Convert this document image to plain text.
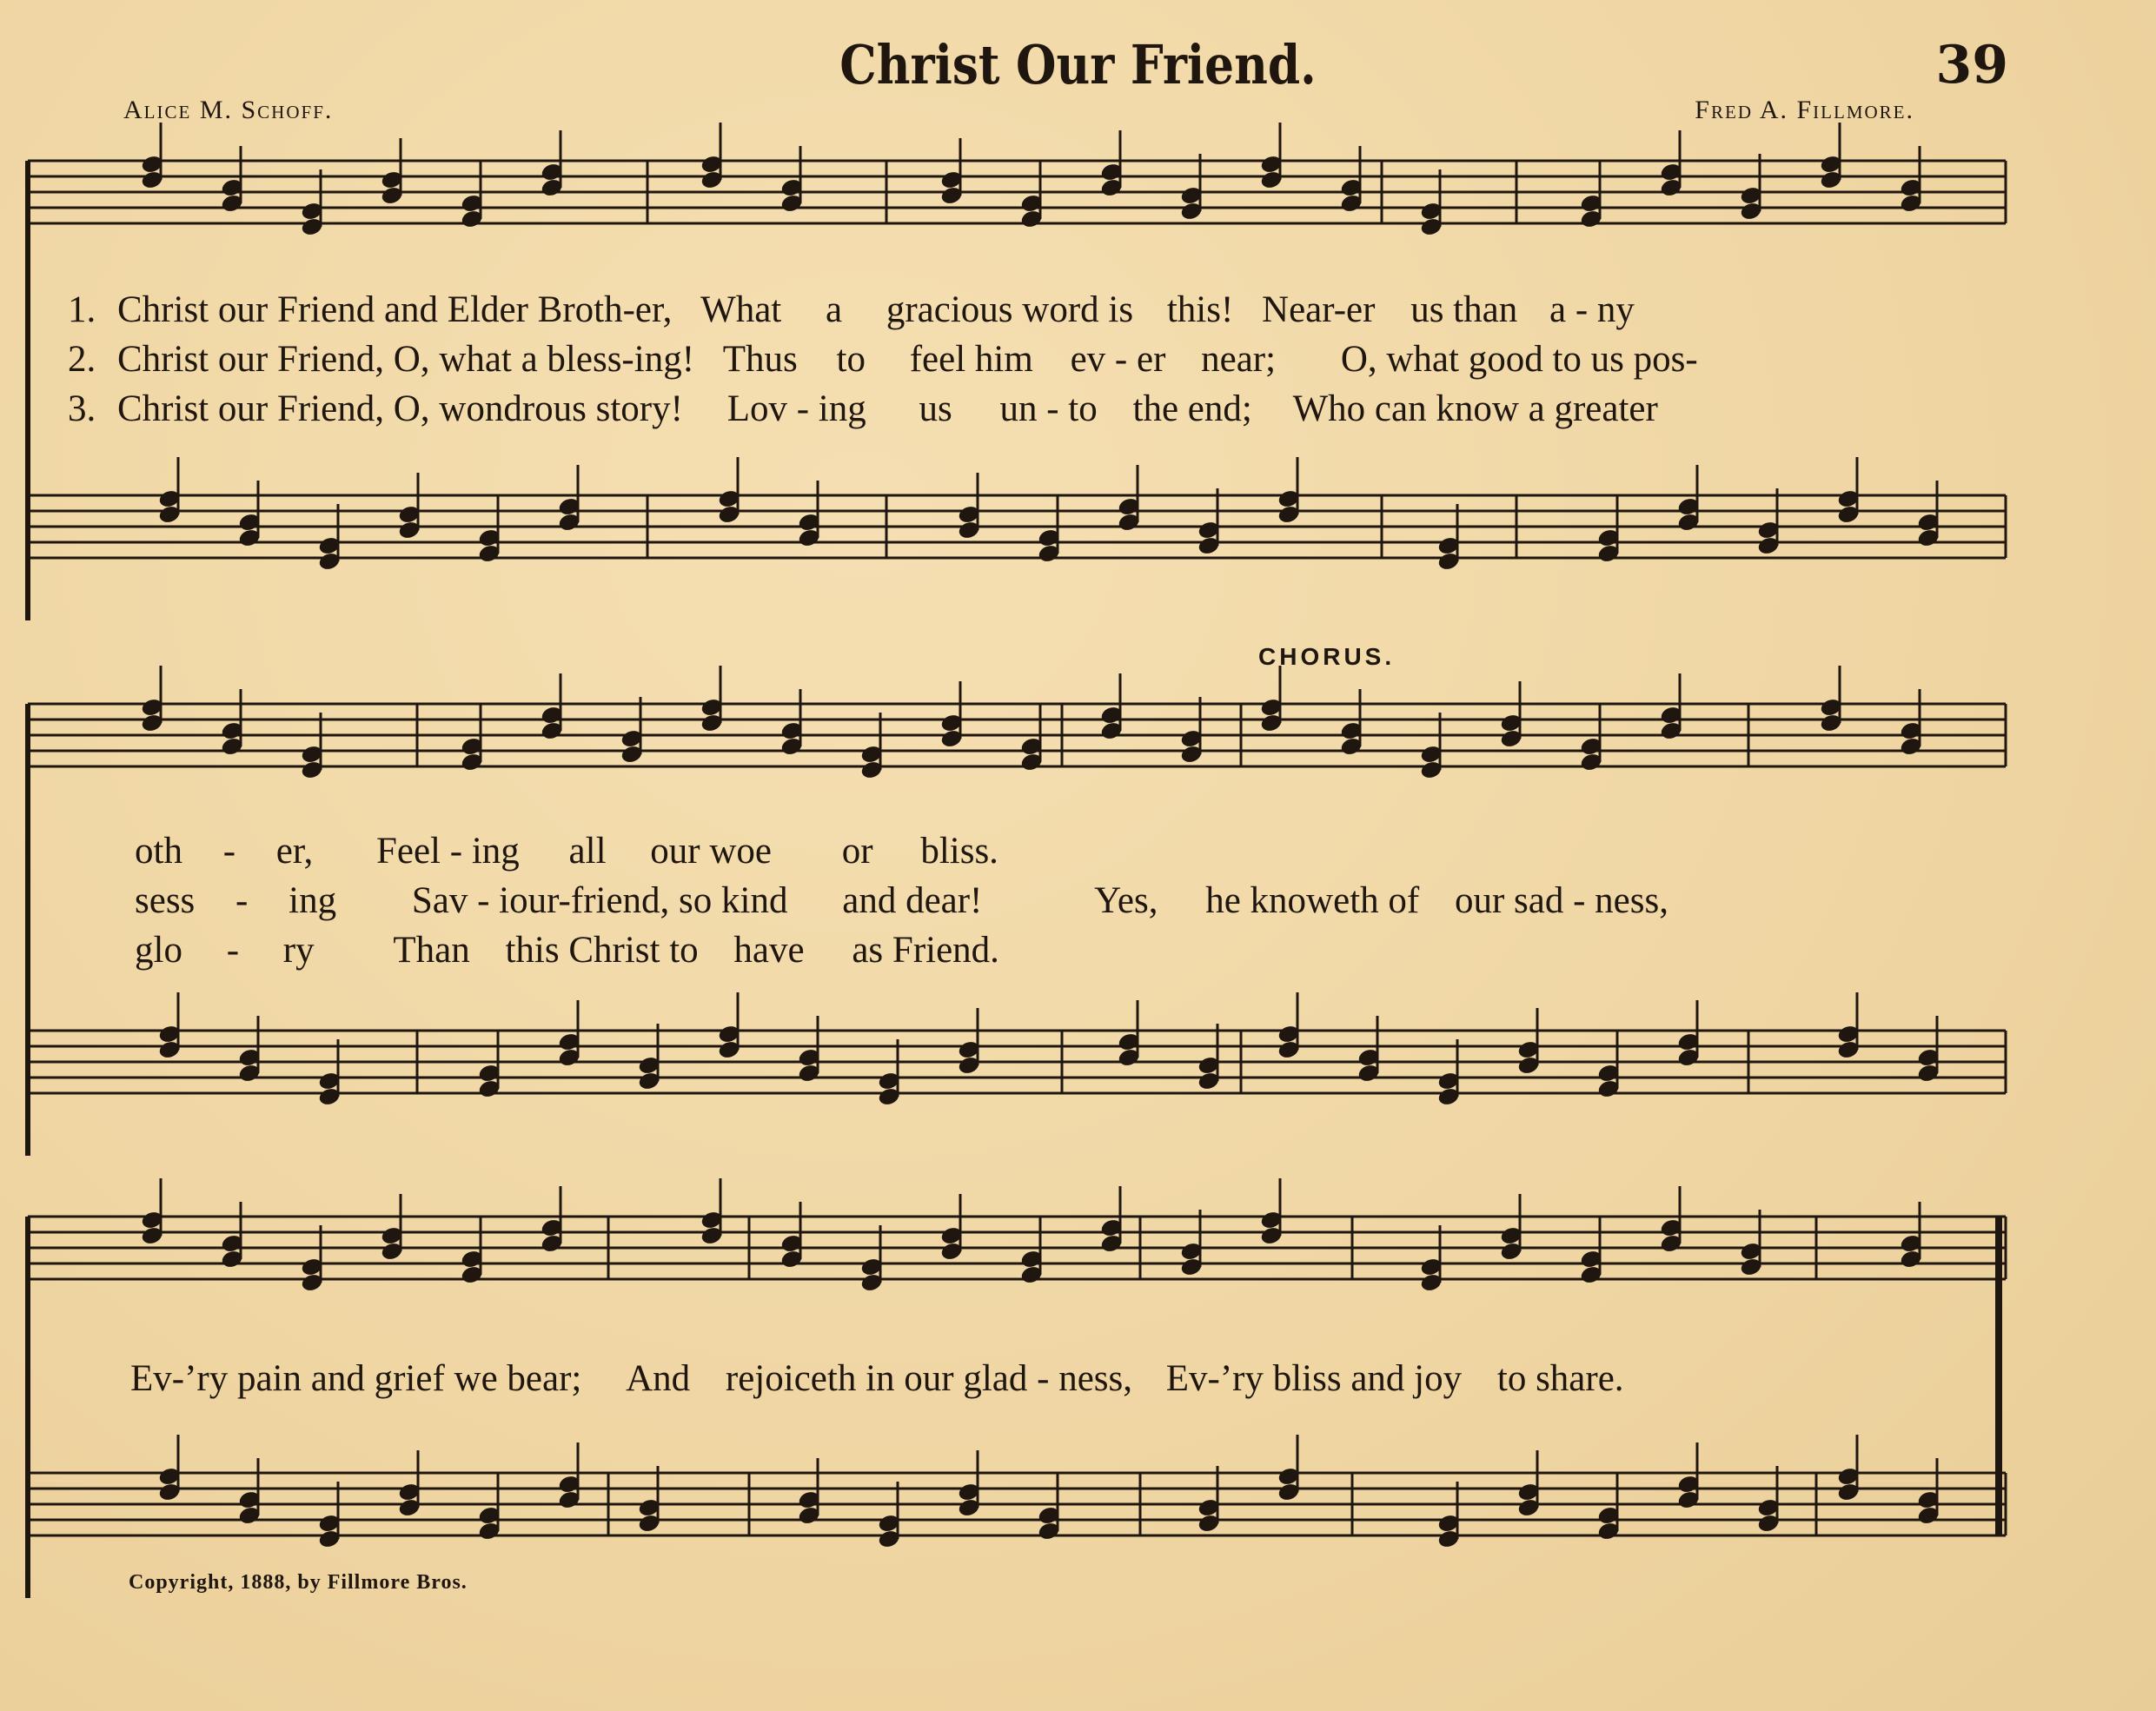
Christ Our Friend.	39
Alice M. Schoff.	Fred A. Fillmore.
1. Christ our Friend and Elder Broth-er, What a gracious word is this! Near-er us than a - ny
2. Christ our Friend, O, what a bless-ing! Thus to feel him ev - er near; O, what good to us pos-
3. Christ our Friend, O, wondrous story! Lov - ing us un - to the end; Who can know a greater
CHORUS.
oth - er, Feel - ing all our woe or bliss.
sess - ing Sav - iour-friend, so kind and dear!	Yes, he knoweth of our sad - ness,
glo - ry Than this Christ to have as Friend.
Ev-’ry pain and grief we bear; And rejoiceth in our glad - ness, Ev-’ry bliss and joy to share.
Copyright, 1888, by Fillmore Bros.
